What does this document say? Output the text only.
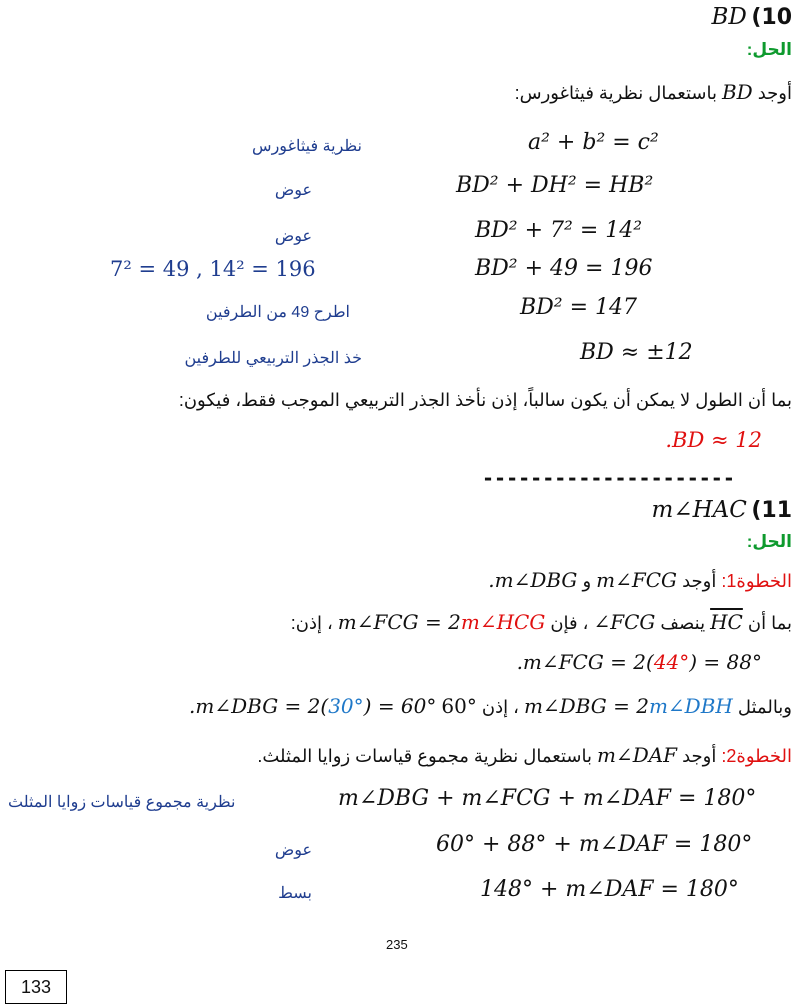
BD (10
الحل:
أوجد BD باستعمال نظرية فيثاغورس:
a² + b² = c²
نظرية فيثاغورس
BD² + DH² = HB²
عوض
BD² + 7² = 14²
عوض
BD² + 49 = 196
7² = 49 , 14² = 196
BD² = 147
اطرح 49 من الطرفين
BD ≈ ±12
خذ الجذر التربيعي للطرفين
بما أن الطول لا يمكن أن يكون سالباً، إذن نأخذ الجذر التربيعي الموجب فقط، فيكون:
.BD ≈ 12
---------------------
m∠HAC (11
الحل:
الخطوة1: أوجد m∠FCG و .m∠DBG
بما أن $\overline{HC}$ ينصف ∠FCG ، فإن m∠FCG = 2m∠HCG ، إذن:
.m∠FCG = 2(44°) = 88°
وبالمثل m∠DBG = 2m∠DBH ، إذن 60° .m∠DBG = 2(30°) = 60°
الخطوة2: أوجد m∠DAF باستعمال نظرية مجموع قياسات زوايا المثلث.
m∠DBG + m∠FCG + m∠DAF = 180°
نظرية مجموع قياسات زوايا المثلث
60° + 88° + m∠DAF = 180°
عوض
148° + m∠DAF = 180°
بسط
235
133
